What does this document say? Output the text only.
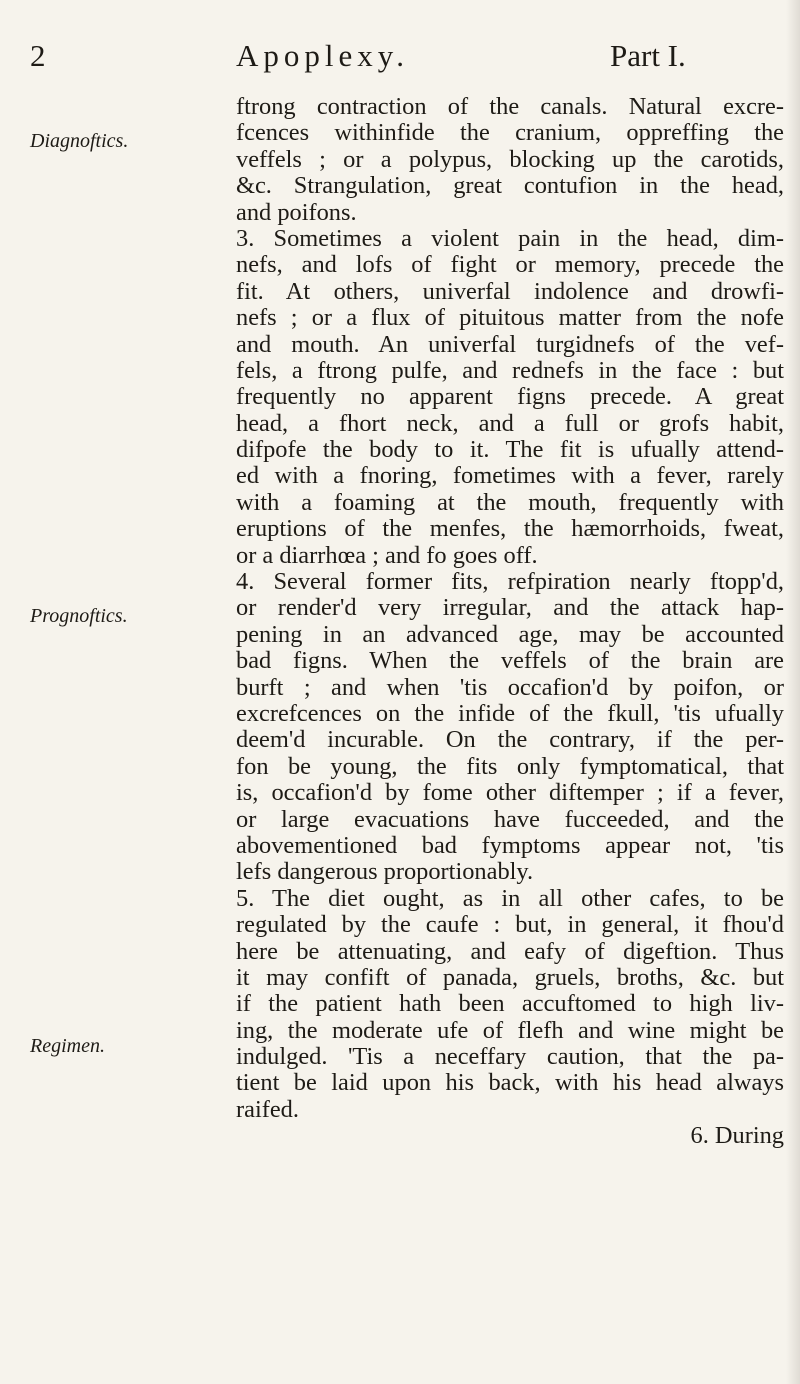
2	Apoplexy.	Part I.
Diagnoftics.
Prognoftics.
Regimen.
ftrong contraction of the canals. Natural excre-
fcences withinfide the cranium, oppreffing the
veffels ; or a polypus, blocking up the carotids,
&c. Strangulation, great contufion in the head,
and poifons.
3. Sometimes a violent pain in the head, dim-
nefs, and lofs of fight or memory, precede the
fit. At others, univerfal indolence and drowfi-
nefs ; or a flux of pituitous matter from the nofe
and mouth. An univerfal turgidnefs of the vef-
fels, a ftrong pulfe, and rednefs in the face : but
frequently no apparent figns precede. A great
head, a fhort neck, and a full or grofs habit,
difpofe the body to it. The fit is ufually attend-
ed with a fnoring, fometimes with a fever, rarely
with a foaming at the mouth, frequently with
eruptions of the menfes, the hæmorrhoids, fweat,
or a diarrhœa ; and fo goes off.
4. Several former fits, refpiration nearly ftopp'd,
or render'd very irregular, and the attack hap-
pening in an advanced age, may be accounted
bad figns. When the veffels of the brain are
burft ; and when 'tis occafion'd by poifon, or
excrefcences on the infide of the fkull, 'tis ufually
deem'd incurable. On the contrary, if the per-
fon be young, the fits only fymptomatical, that
is, occafion'd by fome other diftemper ; if a fever,
or large evacuations have fucceeded, and the
abovementioned bad fymptoms appear not, 'tis
lefs dangerous proportionably.
5. The diet ought, as in all other cafes, to be
regulated by the caufe : but, in general, it fhou'd
here be attenuating, and eafy of digeftion. Thus
it may confift of panada, gruels, broths, &c. but
if the patient hath been accuftomed to high liv-
ing, the moderate ufe of flefh and wine might be
indulged. 'Tis a neceffary caution, that the pa-
tient be laid upon his back, with his head always
raifed.
6. During
